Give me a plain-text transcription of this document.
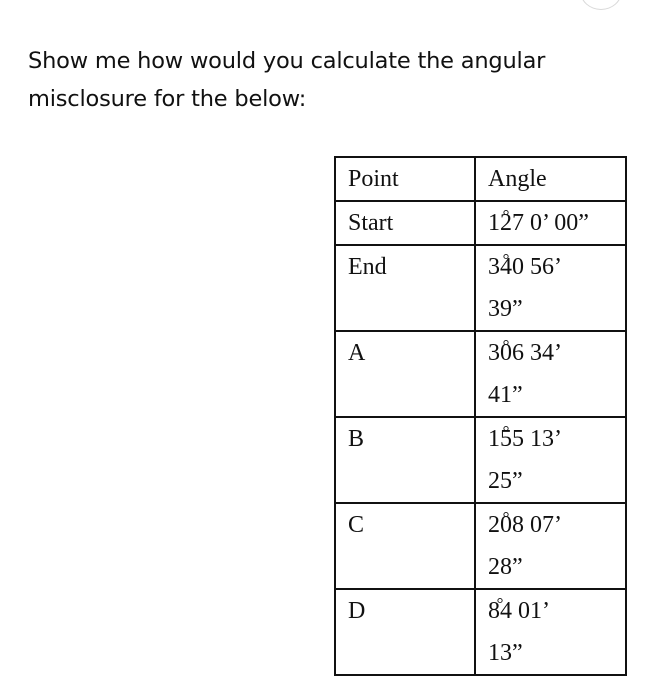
Show me how would you calculate the angular

misclosure for the below:

Point	Angle
Start	127 ° 0’ 00”

End	340 ° 56’
39”

A	306 ° 34’
41”

B	155 ° 13’
25”

C	208 ° 07’
28”

D	84 ° 01’
13”
